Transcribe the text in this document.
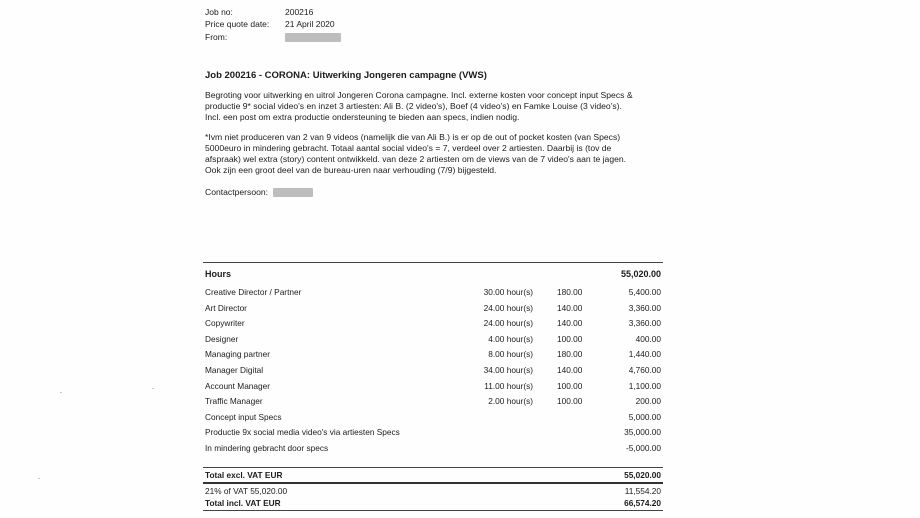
Job no:	200216
Price quote date:	21 April 2020
From:
Job 200216 - CORONA: Uitwerking Jongeren campagne (VWS)
Begroting voor uitwerking en uitrol Jongeren Corona campagne. Incl. externe kosten voor concept input Specs &
productie 9* social video's en inzet 3 artiesten: Ali B. (2 video's), Boef (4 video's) en Famke Louise (3 video's).
Incl. een post om extra productie ondersteuning te bieden aan specs, indien nodig.
*Ivm niet produceren van 2 van 9 videos (namelijk die van Ali B.) is er op de out of pocket kosten (van Specs)
5000euro in mindering gebracht. Totaal aantal social video's = 7, verdeel over 2 artiesten. Daarbij is (tov de
afspraak) wel extra (story) content ontwikkeld. van deze 2 artiesten om de views van de 7 video's aan te jagen.
Ook zijn een groot deel van de bureau-uren naar verhouding (7/9) bijgesteld.
Contactpersoon:
Hours	55,020.00
Creative Director / Partner	30.00 hour(s)	180.00	5,400.00
Art Director	24.00 hour(s)	140.00	3,360.00
Copywriter	24.00 hour(s)	140.00	3,360.00
Designer	4.00 hour(s)	100.00	400.00
Managing partner	8.00 hour(s)	180.00	1,440.00
Manager Digital	34.00 hour(s)	140.00	4,760.00
Account Manager	11.00 hour(s)	100.00	1,100.00
Traffic Manager	2.00 hour(s)	100.00	200.00
Concept input Specs	5,000.00
Productie 9x social media video's via artiesten Specs	35,000.00
In mindering gebracht door specs	-5,000.00
Total excl. VAT EUR	55,020.00
21% of VAT 55,020.00	11,554.20
Total incl. VAT EUR	66,574.20
